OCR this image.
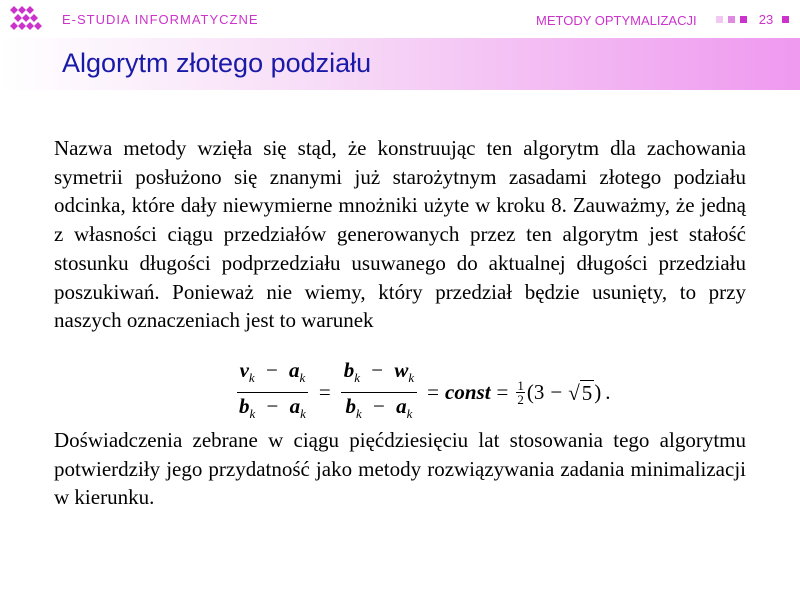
E-STUDIA INFORMATYCZNE	METODY OPTYMALIZACJI	23
Algorytm złotego podziału

Nazwa metody wzięła się stąd, że konstruując ten algorytm dla zachowania symetrii posłużono się znanymi już starożytnym zasadami złotego podziału odcinka, które dały niewymierne mnożniki użyte w kroku 8. Zauważmy, że jedną z własności ciągu przedziałów generowanych przez ten algorytm jest stałość stosunku długości podprzedziału usuwanego do aktualnej długości przedziału poszukiwań. Ponieważ nie wiemy, który przedział będzie usunięty, to przy naszych oznaczeniach jest to warunek

$\frac{v_k - a_k}{b_k - a_k} = \frac{b_k - w_k}{b_k - a_k}$ = const = $\frac{1}{2} (3$ − √ 5 ) .

Doświadczenia zebrane w ciągu pięćdziesięciu lat stosowania tego algorytmu potwierdziły jego przydatność jako metody rozwiązywania zadania minimalizacji w kierunku.
